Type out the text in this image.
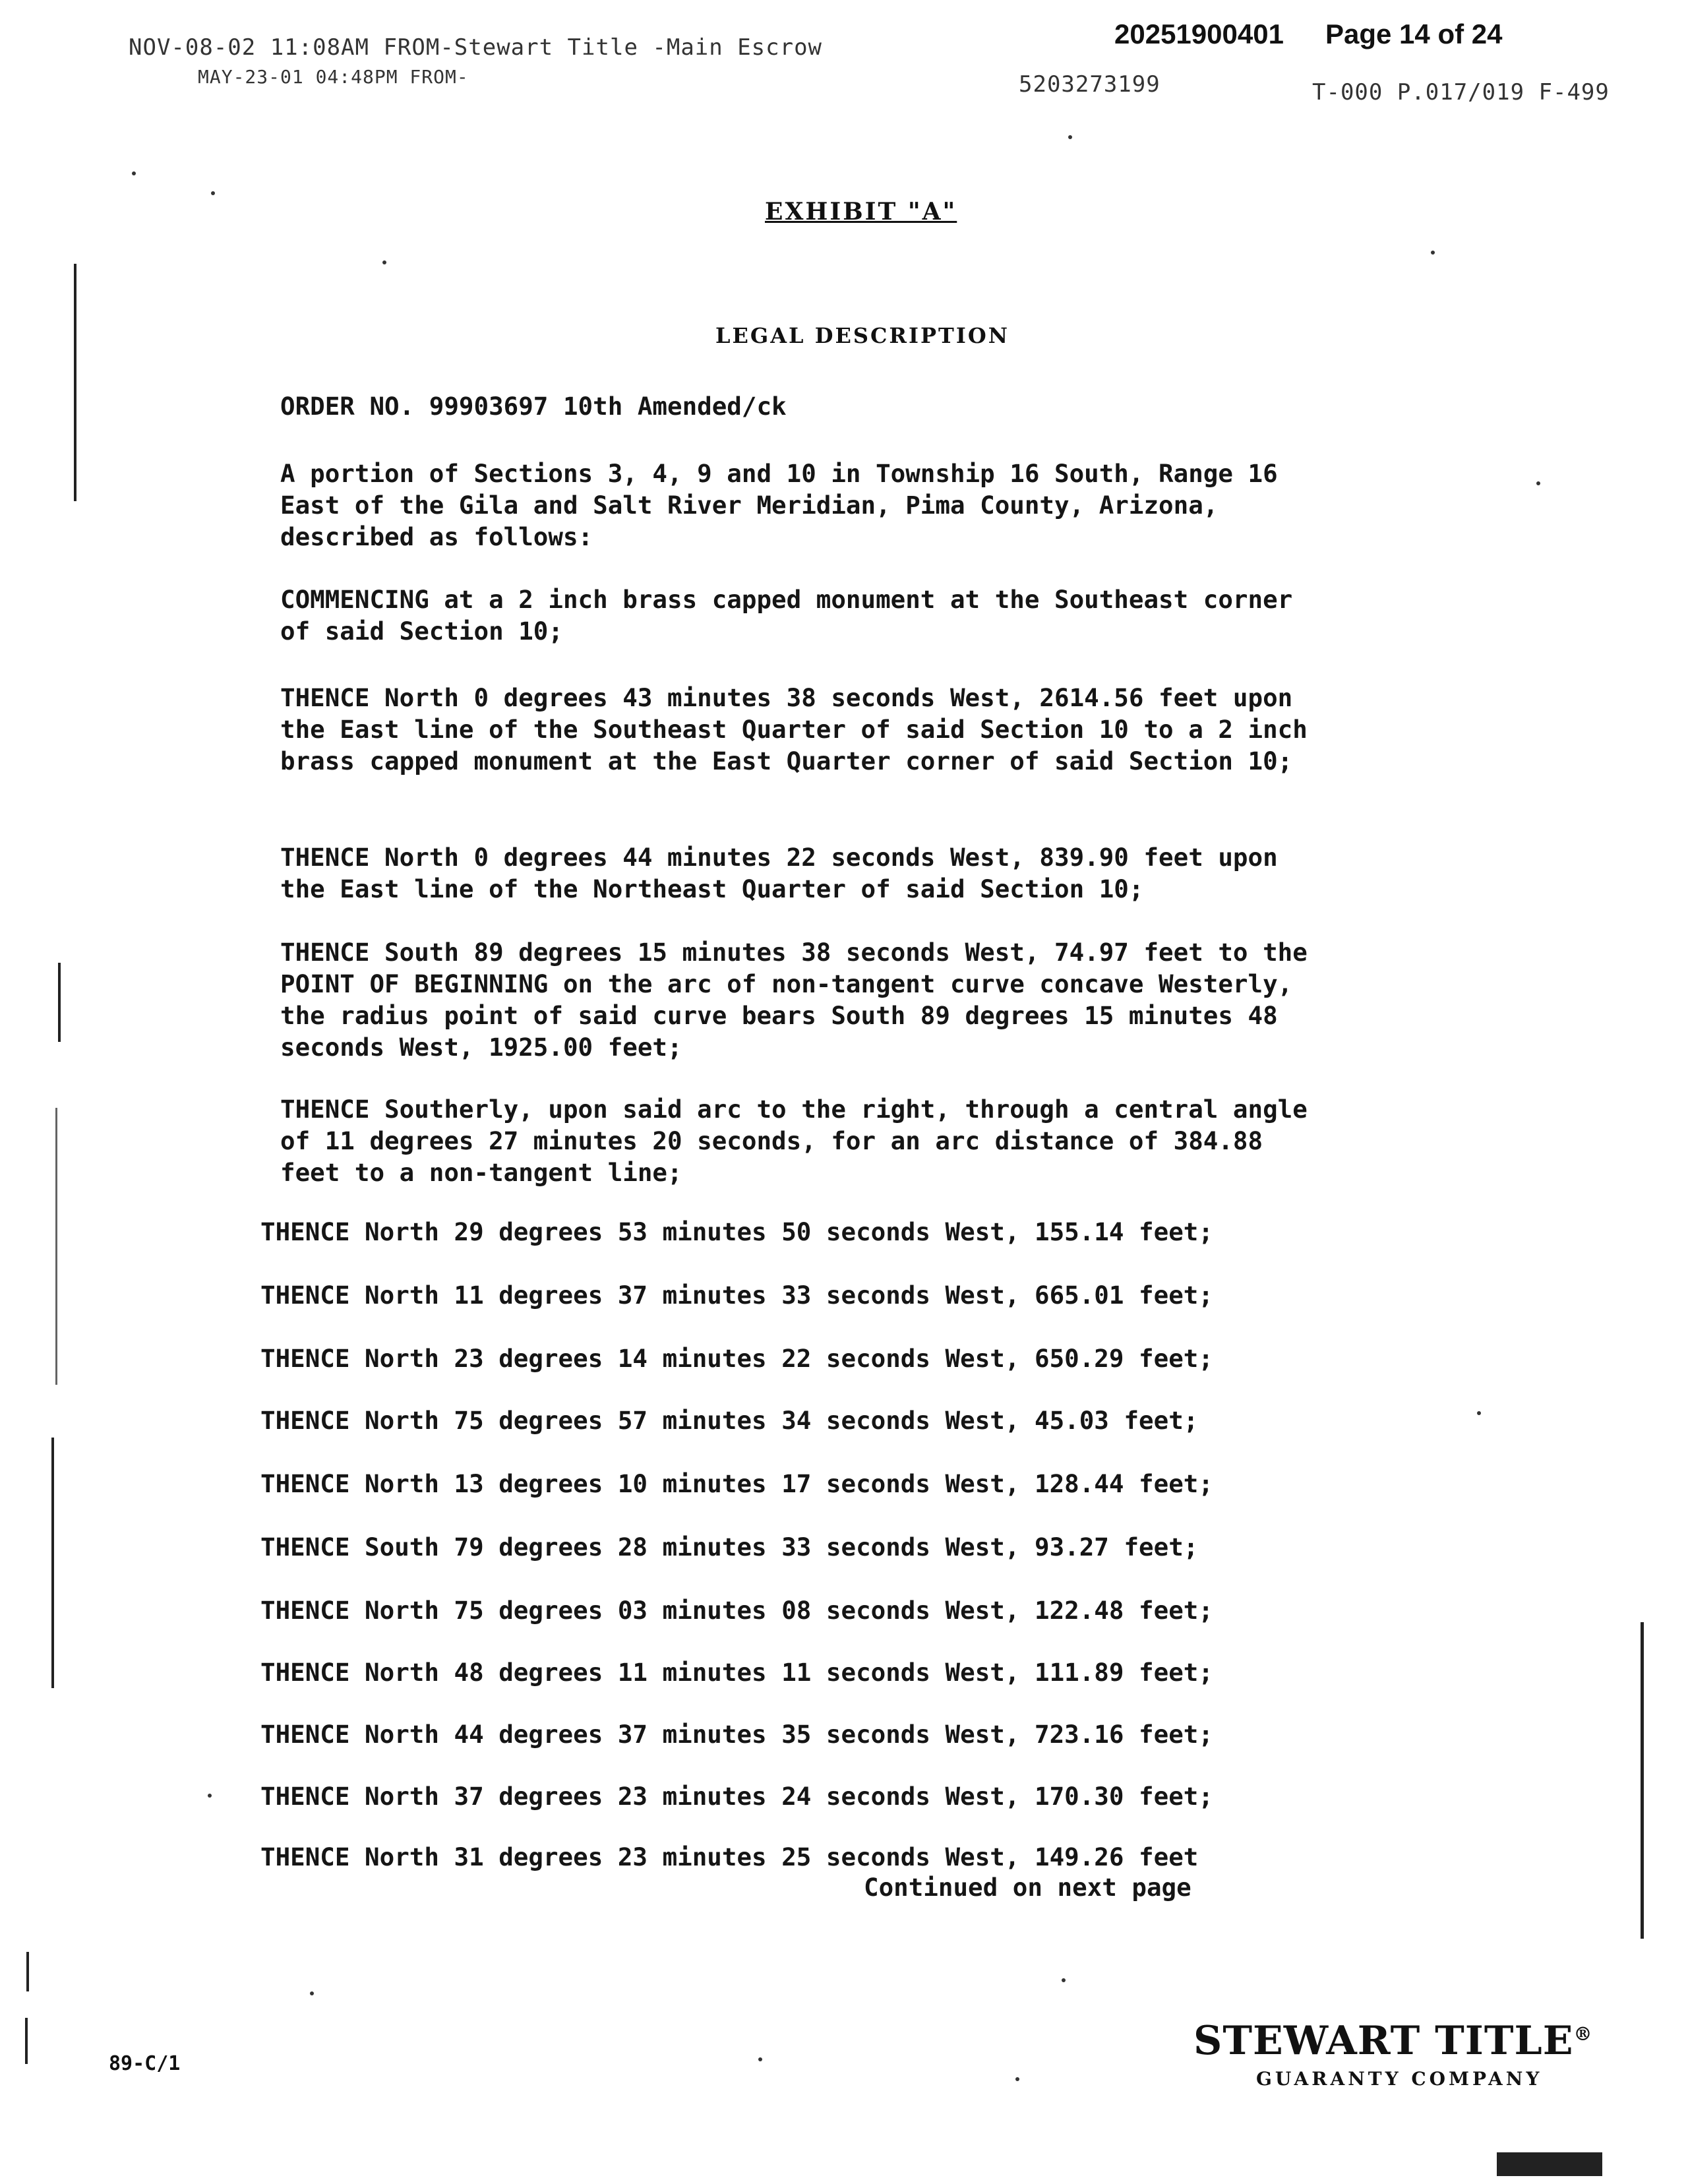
20251900401 Page 14 of 24
NOV-08-02 11:08AM FROM-Stewart Title -Main Escrow
MAY-23-01 04:48PM FROM-	5203273199	T-000 P.017/019 F-499
EXHIBIT "A"
LEGAL DESCRIPTION
ORDER NO. 99903697 10th Amended/ck
A portion of Sections 3, 4, 9 and 10 in Township 16 South, Range 16 East of the Gila and Salt River Meridian, Pima County, Arizona, described as follows:
COMMENCING at a 2 inch brass capped monument at the Southeast corner of said Section 10;
THENCE North 0 degrees 43 minutes 38 seconds West, 2614.56 feet upon the East line of the Southeast Quarter of said Section 10 to a 2 inch brass capped monument at the East Quarter corner of said Section 10;
THENCE North 0 degrees 44 minutes 22 seconds West, 839.90 feet upon the East line of the Northeast Quarter of said Section 10;
THENCE South 89 degrees 15 minutes 38 seconds West, 74.97 feet to the POINT OF BEGINNING on the arc of non-tangent curve concave Westerly, the radius point of said curve bears South 89 degrees 15 minutes 48 seconds West, 1925.00 feet;
THENCE Southerly, upon said arc to the right, through a central angle of 11 degrees 27 minutes 20 seconds, for an arc distance of 384.88 feet to a non-tangent line;
THENCE North 29 degrees 53 minutes 50 seconds West, 155.14 feet;
THENCE North 11 degrees 37 minutes 33 seconds West, 665.01 feet;
THENCE North 23 degrees 14 minutes 22 seconds West, 650.29 feet;
THENCE North 75 degrees 57 minutes 34 seconds West, 45.03 feet;
THENCE North 13 degrees 10 minutes 17 seconds West, 128.44 feet;
THENCE South 79 degrees 28 minutes 33 seconds West, 93.27 feet;
THENCE North 75 degrees 03 minutes 08 seconds West, 122.48 feet;
THENCE North 48 degrees 11 minutes 11 seconds West, 111.89 feet;
THENCE North 44 degrees 37 minutes 35 seconds West, 723.16 feet;
THENCE North 37 degrees 23 minutes 24 seconds West, 170.30 feet;
THENCE North 31 degrees 23 minutes 25 seconds West, 149.26 feet
Continued on next page
89-C/1	STEWART TITLE®
GUARANTY COMPANY
